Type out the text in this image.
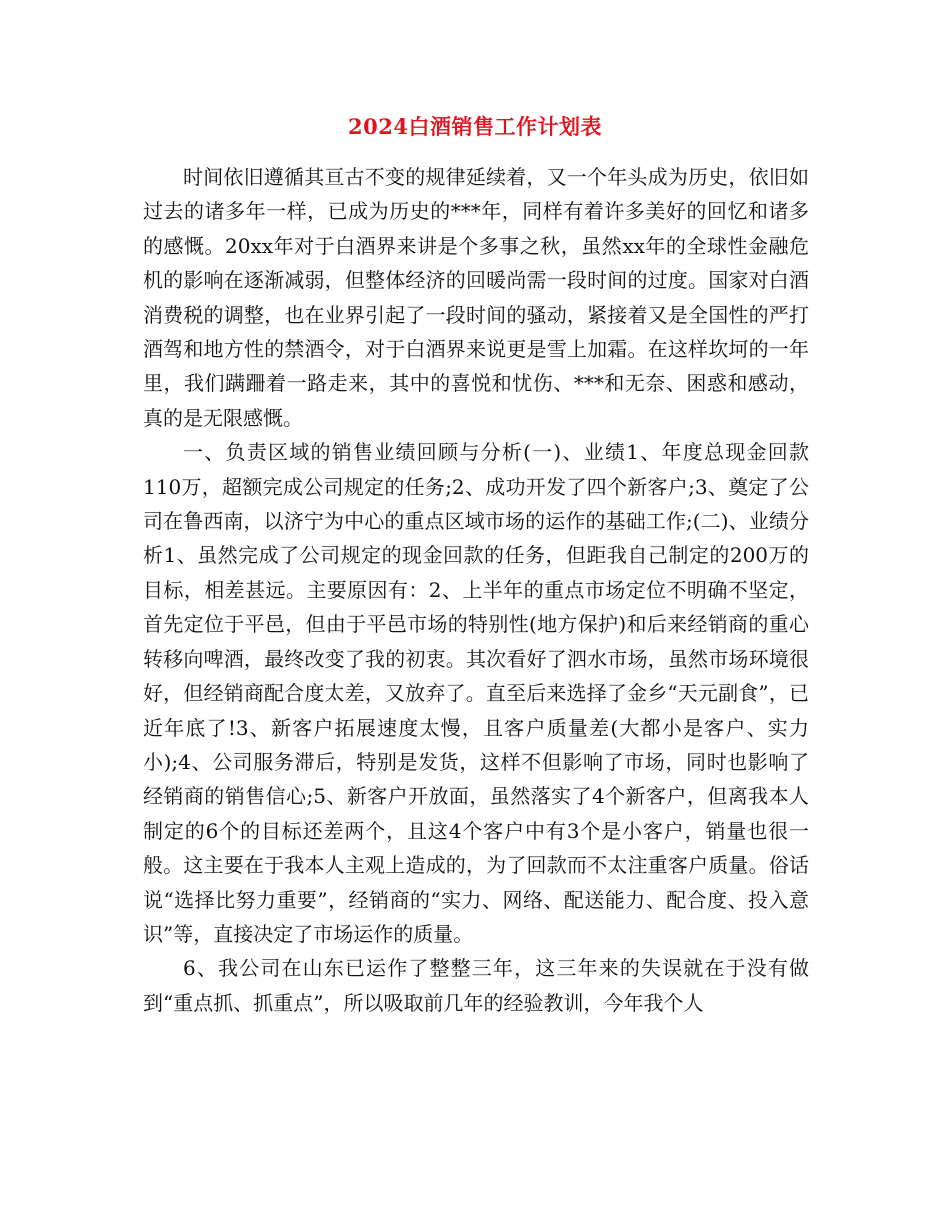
2024白酒销售工作计划表

时间依旧遵循其亘古不变的规律延续着，又一个年头成为历史，依旧如过去的诸多年一样，已成为历史的***年，同样有着许多美好的回忆和诸多的感慨。20xx年对于白酒界来讲是个多事之秋，虽然xx年的全球性金融危机的影响在逐渐减弱，但整体经济的回暖尚需一段时间的过度。国家对白酒消费税的调整，也在业界引起了一段时间的骚动，紧接着又是全国性的严打酒驾和地方性的禁酒令，对于白酒界来说更是雪上加霜。在这样坎坷的一年里，我们蹒跚着一路走来，其中的喜悦和忧伤、***和无奈、困惑和感动，真的是无限感慨。

一、负责区域的销售业绩回顾与分析(一)、业绩1、年度总现金回款110万，超额完成公司规定的任务;2、成功开发了四个新客户;3、奠定了公司在鲁西南，以济宁为中心的重点区域市场的运作的基础工作;(二)、业绩分析1、虽然完成了公司规定的现金回款的任务，但距我自己制定的200万的目标，相差甚远。主要原因有：2、上半年的重点市场定位不明确不坚定，首先定位于平邑，但由于平邑市场的特别性(地方保护)和后来经销商的重心转移向啤酒，最终改变了我的初衷。其次看好了泗水市场，虽然市场环境很好，但经销商配合度太差，又放弃了。直至后来选择了金乡“天元副食”，已近年底了!3、新客户拓展速度太慢，且客户质量差(大都小是客户、实力小);4、公司服务滞后，特别是发货，这样不但影响了市场，同时也影响了经销商的销售信心;5、新客户开放面，虽然落实了4个新客户，但离我本人制定的6个的目标还差两个，且这4个客户中有3个是小客户，销量也很一般。这主要在于我本人主观上造成的，为了回款而不太注重客户质量。俗话说“选择比努力重要”，经销商的“实力、网络、配送能力、配合度、投入意识”等，直接决定了市场运作的质量。

6、我公司在山东已运作了整整三年，这三年来的失误就在于没有做到“重点抓、抓重点”，所以吸取前几年的经验教训，今年我个人
